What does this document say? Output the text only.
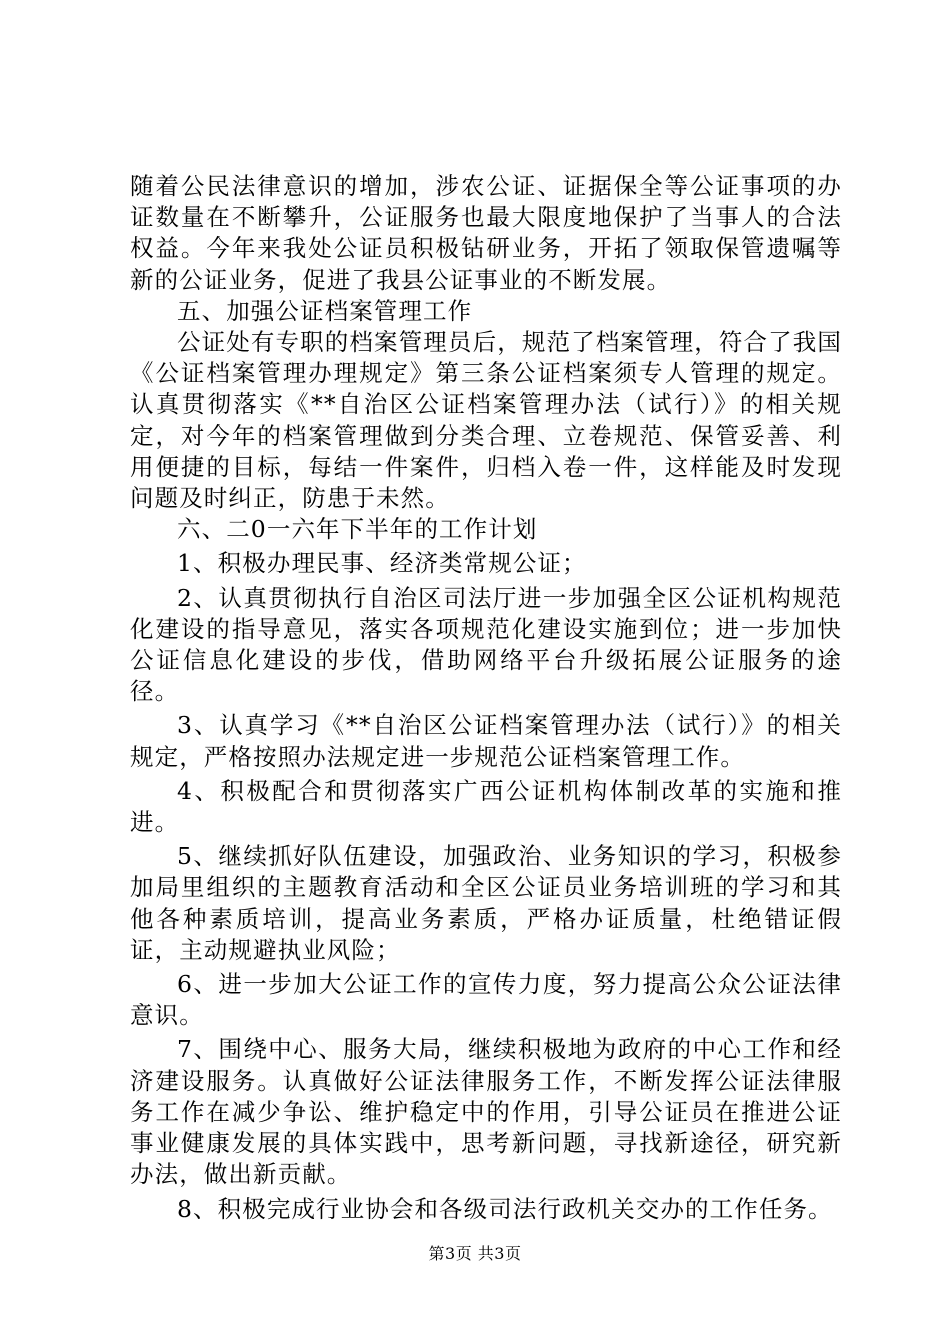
随着公民法律意识的增加，涉农公证、证据保全等公证事项的办证数量在不断攀升，公证服务也最大限度地保护了当事人的合法权益。今年来我处公证员积极钻研业务，开拓了领取保管遗嘱等新的公证业务，促进了我县公证事业的不断发展。

五、加强公证档案管理工作

公证处有专职的档案管理员后，规范了档案管理，符合了我国《公证档案管理办理规定》第三条公证档案须专人管理的规定。认真贯彻落实《**自治区公证档案管理办法（试行）》的相关规定，对今年的档案管理做到分类合理、立卷规范、保管妥善、利用便捷的目标，每结一件案件，归档入卷一件，这样能及时发现问题及时纠正，防患于未然。

六、二0一六年下半年的工作计划

1、积极办理民事、经济类常规公证；

2、认真贯彻执行自治区司法厅进一步加强全区公证机构规范化建设的指导意见，落实各项规范化建设实施到位；进一步加快公证信息化建设的步伐，借助网络平台升级拓展公证服务的途径。

3、认真学习《**自治区公证档案管理办法（试行）》的相关规定，严格按照办法规定进一步规范公证档案管理工作。

4、积极配合和贯彻落实广西公证机构体制改革的实施和推进。

5、继续抓好队伍建设，加强政治、业务知识的学习，积极参加局里组织的主题教育活动和全区公证员业务培训班的学习和其他各种素质培训，提高业务素质，严格办证质量，杜绝错证假证，主动规避执业风险；

6、进一步加大公证工作的宣传力度，努力提高公众公证法律意识。

7、围绕中心、服务大局，继续积极地为政府的中心工作和经济建设服务。认真做好公证法律服务工作，不断发挥公证法律服务工作在减少争讼、维护稳定中的作用，引导公证员在推进公证事业健康发展的具体实践中，思考新问题，寻找新途径，研究新办法，做出新贡献。

8、积极完成行业协会和各级司法行政机关交办的工作任务。

第3页 共3页
